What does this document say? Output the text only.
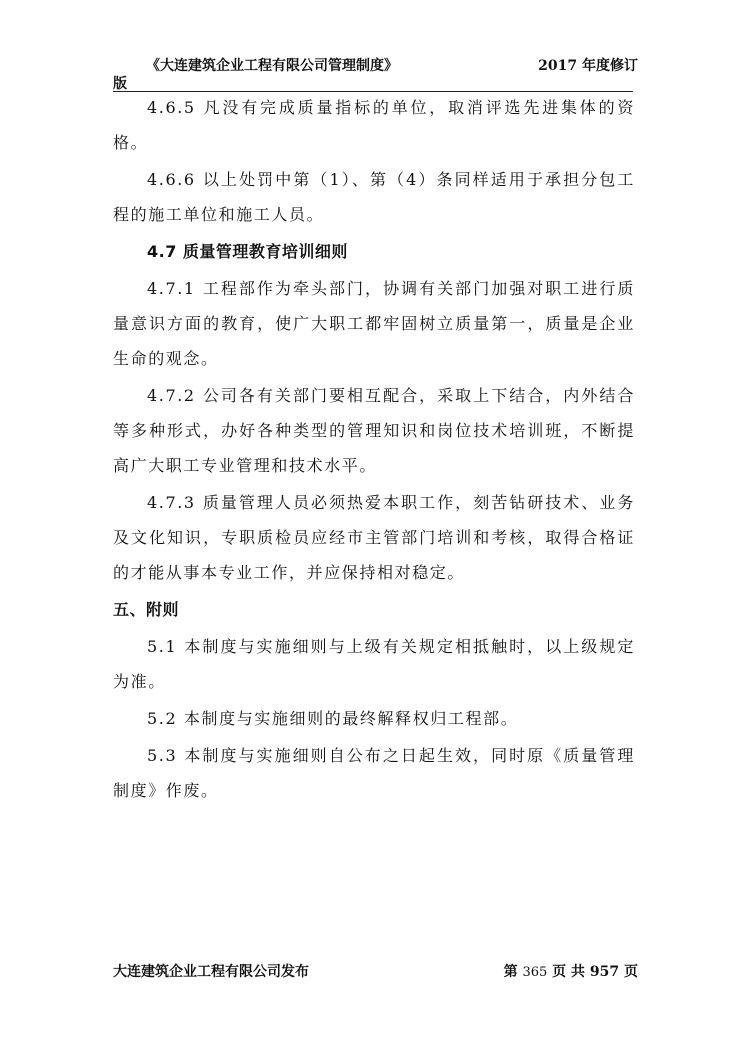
《大连建筑企业工程有限公司管理制度》	2017 年度修订
版

4.6.5 凡没有完成质量指标的单位，取消评选先进集体的资格。

4.6.6 以上处罚中第（1）、第（4）条同样适用于承担分包工程的施工单位和施工人员。

4.7 质量管理教育培训细则

4.7.1 工程部作为牵头部门，协调有关部门加强对职工进行质量意识方面的教育，使广大职工都牢固树立质量第一，质量是企业生命的观念。

4.7.2 公司各有关部门要相互配合，采取上下结合，内外结合等多种形式，办好各种类型的管理知识和岗位技术培训班，不断提高广大职工专业管理和技术水平。

4.7.3 质量管理人员必须热爱本职工作，刻苦钻研技术、业务及文化知识，专职质检员应经市主管部门培训和考核，取得合格证的才能从事本专业工作，并应保持相对稳定。

五、附则

5.1 本制度与实施细则与上级有关规定相抵触时，以上级规定为准。

5.2 本制度与实施细则的最终解释权归工程部。

5.3 本制度与实施细则自公布之日起生效，同时原《质量管理制度》作废。

大连建筑企业工程有限公司发布	第 365 页 共 957 页
